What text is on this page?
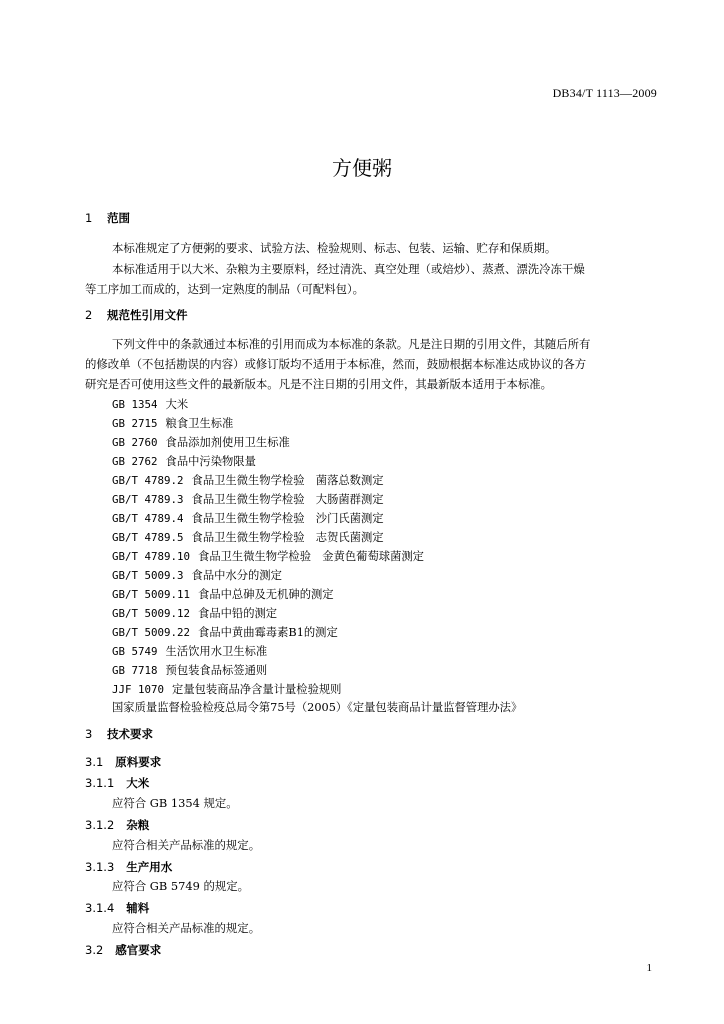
DB34/T 1113—2009
方便粥
1 范围
本标准规定了方便粥的要求、试验方法、检验规则、标志、包装、运输、贮存和保质期。
本标准适用于以大米、杂粮为主要原料，经过清洗、真空处理（或焙炒）、蒸煮、漂洗冷冻干燥
等工序加工而成的，达到一定熟度的制品（可配料包）。
2 规范性引用文件
下列文件中的条款通过本标准的引用而成为本标准的条款。凡是注日期的引用文件，其随后所有
的修改单（不包括勘误的内容）或修订版均不适用于本标准，然而，鼓励根据本标准达成协议的各方
研究是否可使用这些文件的最新版本。凡是不注日期的引用文件，其最新版本适用于本标准。
GB 1354 大米
GB 2715 粮食卫生标准
GB 2760 食品添加剂使用卫生标准
GB 2762 食品中污染物限量
GB/T 4789.2 食品卫生微生物学检验　菌落总数测定
GB/T 4789.3 食品卫生微生物学检验　大肠菌群测定
GB/T 4789.4 食品卫生微生物学检验　沙门氏菌测定
GB/T 4789.5 食品卫生微生物学检验　志贺氏菌测定
GB/T 4789.10 食品卫生微生物学检验　金黄色葡萄球菌测定
GB/T 5009.3 食品中水分的测定
GB/T 5009.11 食品中总砷及无机砷的测定
GB/T 5009.12 食品中铅的测定
GB/T 5009.22 食品中黄曲霉毒素B1的测定
GB 5749 生活饮用水卫生标准
GB 7718 预包装食品标签通则
JJF 1070 定量包装商品净含量计量检验规则
国家质量监督检验检疫总局令第75号（2005）《定量包装商品计量监督管理办法》
3 技术要求
3.1 原料要求
3.1.1 大米
应符合 GB 1354 规定。
3.1.2 杂粮
应符合相关产品标准的规定。
3.1.3 生产用水
应符合 GB 5749 的规定。
3.1.4 辅料
应符合相关产品标准的规定。
3.2 感官要求
1
